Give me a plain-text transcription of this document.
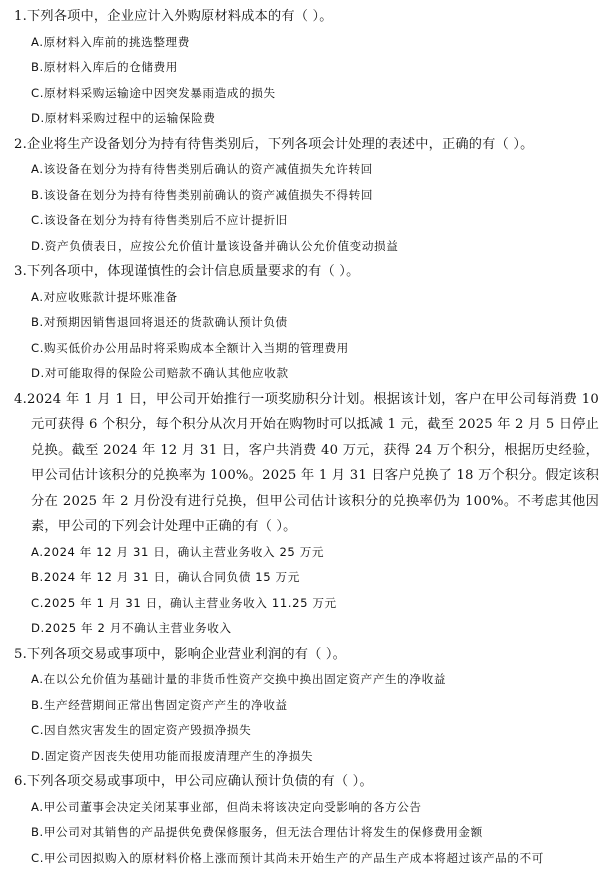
1.下列各项中，企业应计入外购原材料成本的有（ ）。

A.原材料入库前的挑选整理费

B.原材料入库后的仓储费用

C.原材料采购运输途中因突发暴雨造成的损失

D.原材料采购过程中的运输保险费

2.企业将生产设备划分为持有待售类别后，下列各项会计处理的表述中，正确的有（ ）。

A.该设备在划分为持有待售类别后确认的资产减值损失允许转回

B.该设备在划分为持有待售类别前确认的资产减值损失不得转回

C.该设备在划分为持有待售类别后不应计提折旧

D.资产负债表日，应按公允价值计量该设备并确认公允价值变动损益

3.下列各项中，体现谨慎性的会计信息质量要求的有（ ）。

A.对应收账款计提坏账准备

B.对预期因销售退回将退还的货款确认预计负债

C.购买低价办公用品时将采购成本全额计入当期的管理费用

D.对可能取得的保险公司赔款不确认其他应收款

4.2024 年 1 月 1 日，甲公司开始推行一项奖励积分计划。根据该计划，客户在甲公司每消费 10 元可获得 6 个积分，每个积分从次月开始在购物时可以抵减 1 元，截至 2025 年 2 月 5 日停止兑换。截至 2024 年 12 月 31 日，客户共消费 40 万元，获得 24 万个积分，根据历史经验，甲公司估计该积分的兑换率为 100%。2025 年 1 月 31 日客户兑换了 18 万个积分。假定该积分在 2025 年 2 月份没有进行兑换，但甲公司估计该积分的兑换率仍为 100%。不考虑其他因素，甲公司的下列会计处理中正确的有（ ）。

A.2024 年 12 月 31 日，确认主营业务收入 25 万元

B.2024 年 12 月 31 日，确认合同负债 15 万元

C.2025 年 1 月 31 日，确认主营业务收入 11.25 万元

D.2025 年 2 月不确认主营业务收入

5.下列各项交易或事项中，影响企业营业利润的有（ ）。

A.在以公允价值为基础计量的非货币性资产交换中换出固定资产产生的净收益

B.生产经营期间正常出售固定资产产生的净收益

C.因自然灾害发生的固定资产毁损净损失

D.固定资产因丧失使用功能而报废清理产生的净损失

6.下列各项交易或事项中，甲公司应确认预计负债的有（ ）。

A.甲公司董事会决定关闭某事业部，但尚未将该决定向受影响的各方公告

B.甲公司对其销售的产品提供免费保修服务，但无法合理估计将发生的保修费用金额

C.甲公司因拟购入的原材料价格上涨而预计其尚未开始生产的产品生产成本将超过该产品的不可
